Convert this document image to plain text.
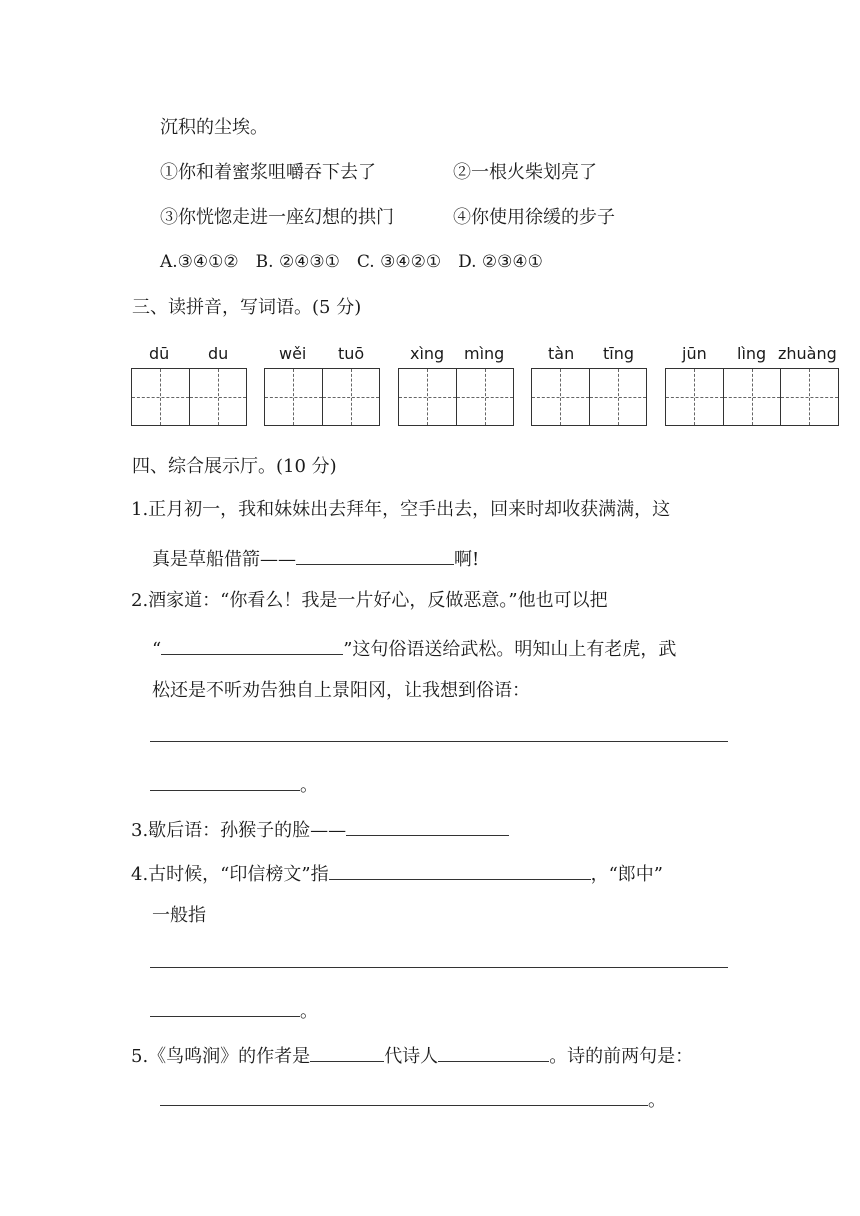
沉积的尘埃。
①你和着蜜浆咀嚼吞下去了	②一根火柴划亮了
③你恍惚走进一座幻想的拱门	④你使用徐缓的步子
A.③④①②　B. ②④③①　C. ③④②①　D. ②③④①
三、读拼音，写词语。(5 分)
dū du	wěi tuō	xìng mìng	tàn tīng	jūn lìng zhuàng
四、综合展示厅。(10 分)
1.正月初一，我和妹妹出去拜年，空手出去，回来时却收获满满，这
真是草船借箭——	啊!
2.酒家道：“你看么！我是一片好心，反做恶意。”他也可以把
“	”这句俗语送给武松。明知山上有老虎，武
松还是不听劝告独自上景阳冈，让我想到俗语：
。
3.歇后语：孙猴子的脸——
4.古时候，“印信榜文”指	，“郎中”
一般指
。
5.《鸟鸣涧》的作者是	代诗人	。诗的前两句是：
。
